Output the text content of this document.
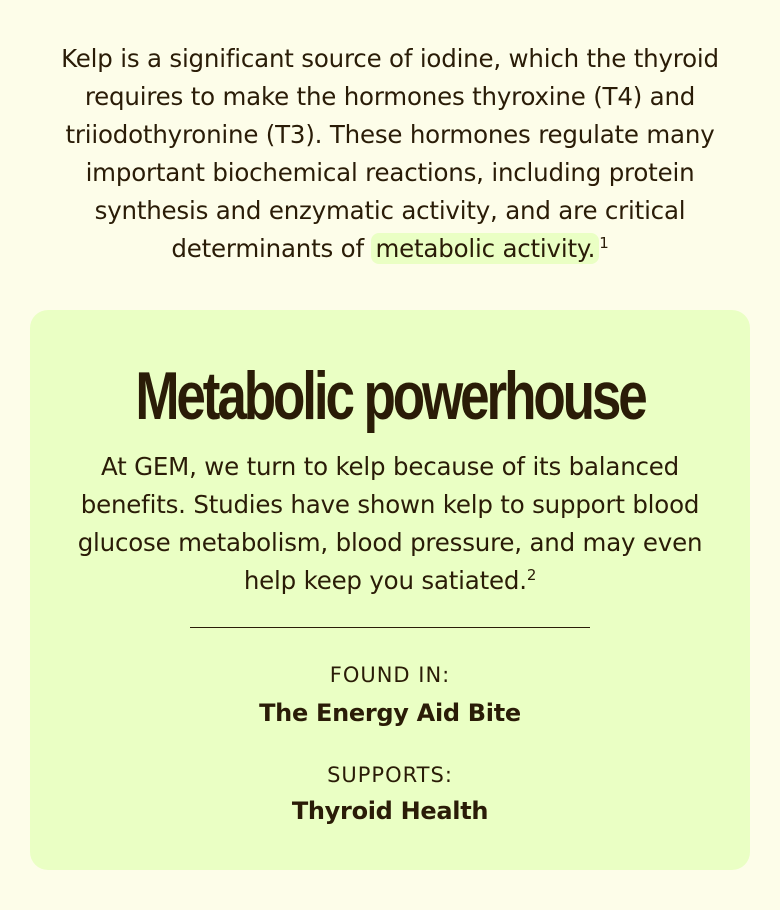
Kelp is a significant source of iodine, which the thyroid requires to make the hormones thyroxine (T4) and triiodothyronine (T3). These hormones regulate many important biochemical reactions, including protein synthesis and enzymatic activity, and are critical determinants of metabolic activity. $^1$

Metabolic powerhouse

At GEM, we turn to kelp because of its balanced benefits. Studies have shown kelp to support blood glucose metabolism, blood pressure, and may even help keep you satiated.$^2$

FOUND IN:
The Energy Aid Bite
SUPPORTS:
Thyroid Health
